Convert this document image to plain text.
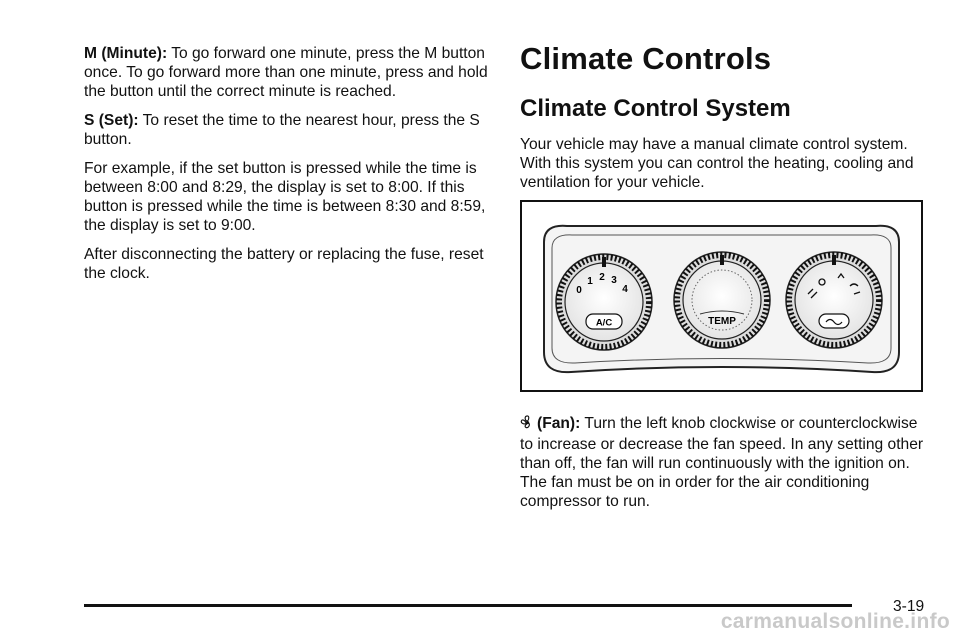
M (Minute): To go forward one minute, press the M button once. To go forward more than one minute, press and hold the button until the correct minute is reached.

S (Set): To reset the time to the nearest hour, press the S button.

For example, if the set button is pressed while the time is between 8:00 and 8:29, the display is set to 8:00. If this button is pressed while the time is between 8:30 and 8:59, the display is set to 9:00.

After disconnecting the battery or replacing the fuse, reset the clock.

Climate Controls
Climate Control System

Your vehicle may have a manual climate control system. With this system you can control the heating, cooling and ventilation for your vehicle.

0
1 2 3
4
A/C	TEMP

(Fan): Turn the left knob clockwise or counterclockwise to increase or decrease the fan speed. In any setting other than off, the fan will run continuously with the ignition on. The fan must be on in order for the air conditioning compressor to run.

3-19
carmanualsonline.info
